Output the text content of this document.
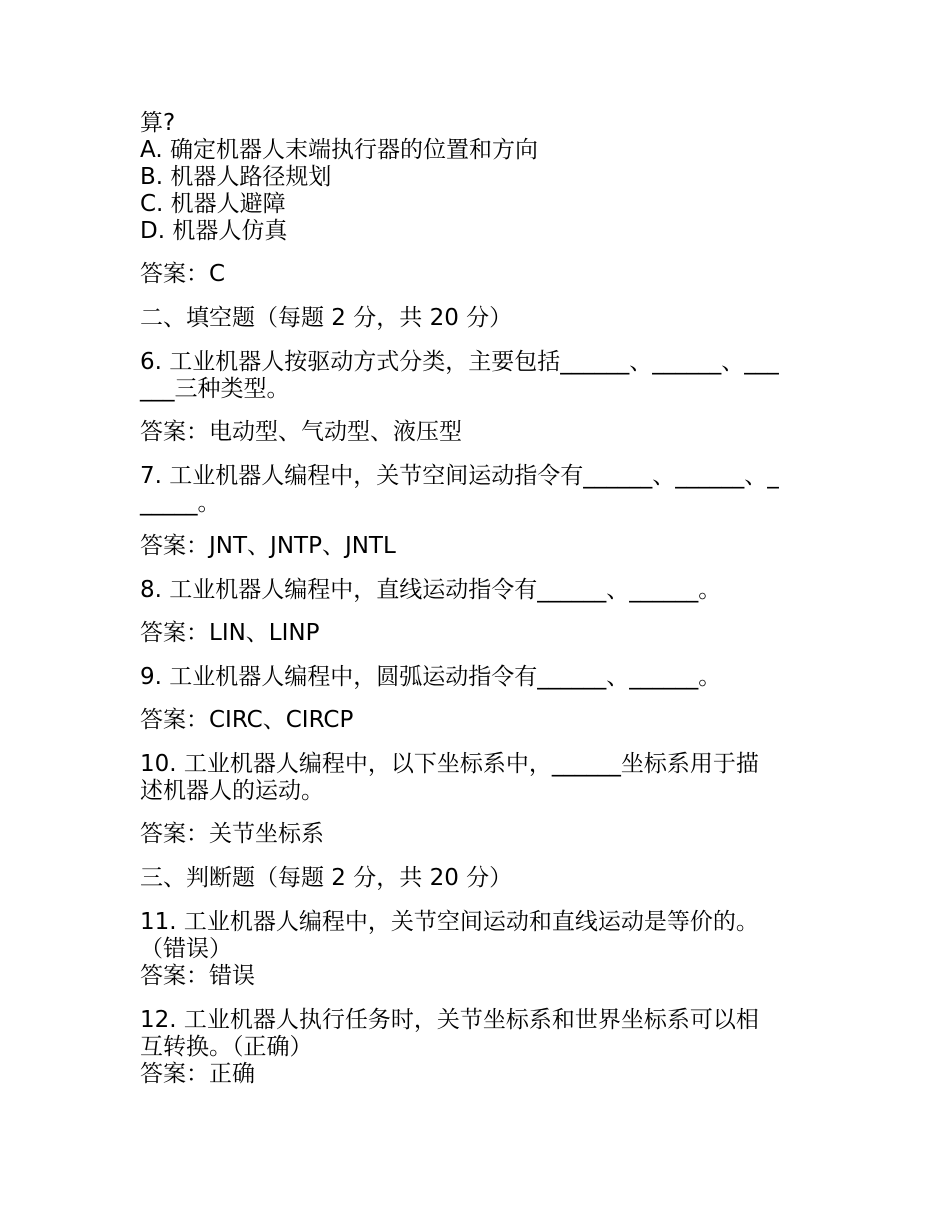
算?
A. 确定机器人末端执行器的位置和方向
B. 机器人路径规划
C. 机器人避障
D. 机器人仿真
答案：C
二、填空题（每题 2 分，共 20 分）
6. 工业机器人按驱动方式分类，主要包括______、______、___
___三种类型。
答案：电动型、气动型、液压型
7. 工业机器人编程中，关节空间运动指令有______、______、_
_____。
答案：JNT、JNTP、JNTL
8. 工业机器人编程中，直线运动指令有______、______。
答案：LIN、LINP
9. 工业机器人编程中，圆弧运动指令有______、______。
答案：CIRC、CIRCP
10. 工业机器人编程中，以下坐标系中，______坐标系用于描
述机器人的运动。
答案：关节坐标系
三、判断题（每题 2 分，共 20 分）
11. 工业机器人编程中，关节空间运动和直线运动是等价的。
（错误）
答案：错误
12. 工业机器人执行任务时，关节坐标系和世界坐标系可以相
互转换。（正确）
答案：正确
